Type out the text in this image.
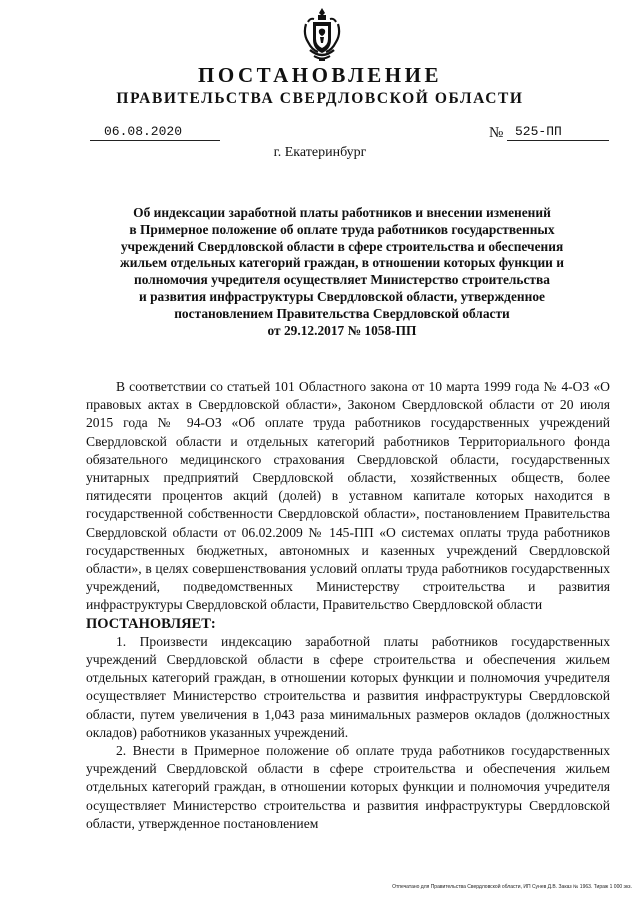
ПОСТАНОВЛЕНИЕ
ПРАВИТЕЛЬСТВА СВЕРДЛОВСКОЙ ОБЛАСТИ
06.08.2020	№ 525-ПП
г. Екатеринбург
Об индексации заработной платы работников и внесении изменений
в Примерное положение об оплате труда работников государственных
учреждений Свердловской области в сфере строительства и обеспечения
жильем отдельных категорий граждан, в отношении которых функции и
полномочия учредителя осуществляет Министерство строительства
и развития инфраструктуры Свердловской области, утвержденное
постановлением Правительства Свердловской области
от 29.12.2017 № 1058-ПП

В соответствии со статьей 101 Областного закона от 10 марта 1999 года № 4-ОЗ «О правовых актах в Свердловской области», Законом Свердловской области от 20 июля 2015 года № 94-ОЗ «Об оплате труда работников государственных учреждений Свердловской области и отдельных категорий работников Территориального фонда обязательного медицинского страхования Свердловской области, государственных унитарных предприятий Свердловской области, хозяйственных обществ, более пятидесяти процентов акций (долей) в уставном капитале которых находится в государственной собственности Свердловской области», постановлением Правительства Свердловской области от 06.02.2009 № 145-ПП «О системах оплаты труда работников государственных бюджетных, автономных и казенных учреждений Свердловской области», в целях совершенствования условий оплаты труда работников государственных учреждений, подведомственных Министерству строительства и развития инфраструктуры Свердловской области, Правительство Свердловской области

ПОСТАНОВЛЯЕТ:

1. Произвести индексацию заработной платы работников государственных учреждений Свердловской области в сфере строительства и обеспечения жильем отдельных категорий граждан, в отношении которых функции и полномочия учредителя осуществляет Министерство строительства и развития инфраструктуры Свердловской области, путем увеличения в 1,043 раза минимальных размеров окладов (должностных окладов) работников указанных учреждений.

2. Внести в Примерное положение об оплате труда работников государственных учреждений Свердловской области в сфере строительства и обеспечения жильем отдельных категорий граждан, в отношении которых функции и полномочия учредителя осуществляет Министерство строительства и развития инфраструктуры Свердловской области, утвержденное постановлением

Отпечатано для Правительства Свердловской области, ИП Сунев Д.В. Заказ № 1963. Тираж 1 000 экз.
